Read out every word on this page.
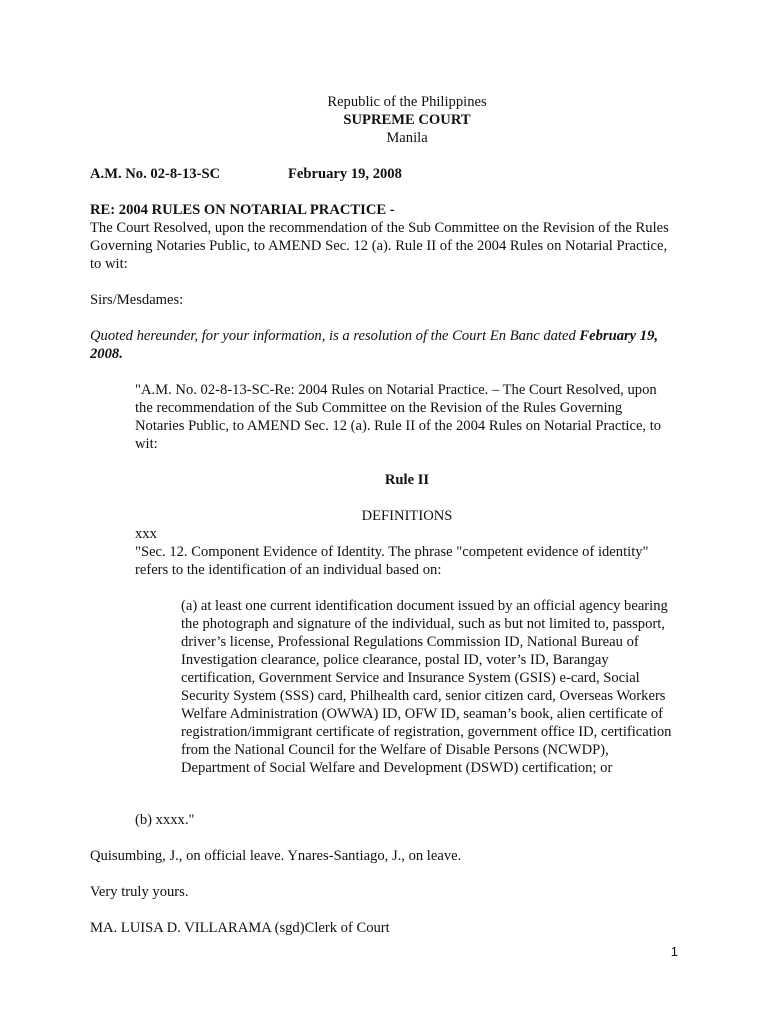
Republic of the Philippines

SUPREME COURT

Manila

A.M. No. 02-8-13-SC	February 19, 2008

RE: 2004 RULES ON NOTARIAL PRACTICE -

The Court Resolved, upon the recommendation of the Sub Committee on the Revision of the Rules Governing Notaries Public, to AMEND Sec. 12 (a). Rule II of the 2004 Rules on Notarial Practice, to wit:

Sirs/Mesdames:

Quoted hereunder, for your information, is a resolution of the Court En Banc dated February 19, 2008.

"A.M. No. 02-8-13-SC-Re: 2004 Rules on Notarial Practice. – The Court Resolved, upon the recommendation of the Sub Committee on the Revision of the Rules Governing Notaries Public, to AMEND Sec. 12 (a). Rule II of the 2004 Rules on Notarial Practice, to wit:

Rule II

DEFINITIONS

xxx

"Sec. 12. Component Evidence of Identity. The phrase "competent evidence of identity" refers to the identification of an individual based on:

(a) at least one current identification document issued by an official agency bearing the photograph and signature of the individual, such as but not limited to, passport, driver’s license, Professional Regulations Commission ID, National Bureau of Investigation clearance, police clearance, postal ID, voter’s ID, Barangay certification, Government Service and Insurance System (GSIS) e-card, Social Security System (SSS) card, Philhealth card, senior citizen card, Overseas Workers Welfare Administration (OWWA) ID, OFW ID, seaman’s book, alien certificate of registration/immigrant certificate of registration, government office ID, certification from the National Council for the Welfare of Disable Persons (NCWDP), Department of Social Welfare and Development (DSWD) certification; or

(b) xxxx."

Quisumbing, J., on official leave. Ynares-Santiago, J., on leave.

Very truly yours.

MA. LUISA D. VILLARAMA (sgd)Clerk of Court

1
